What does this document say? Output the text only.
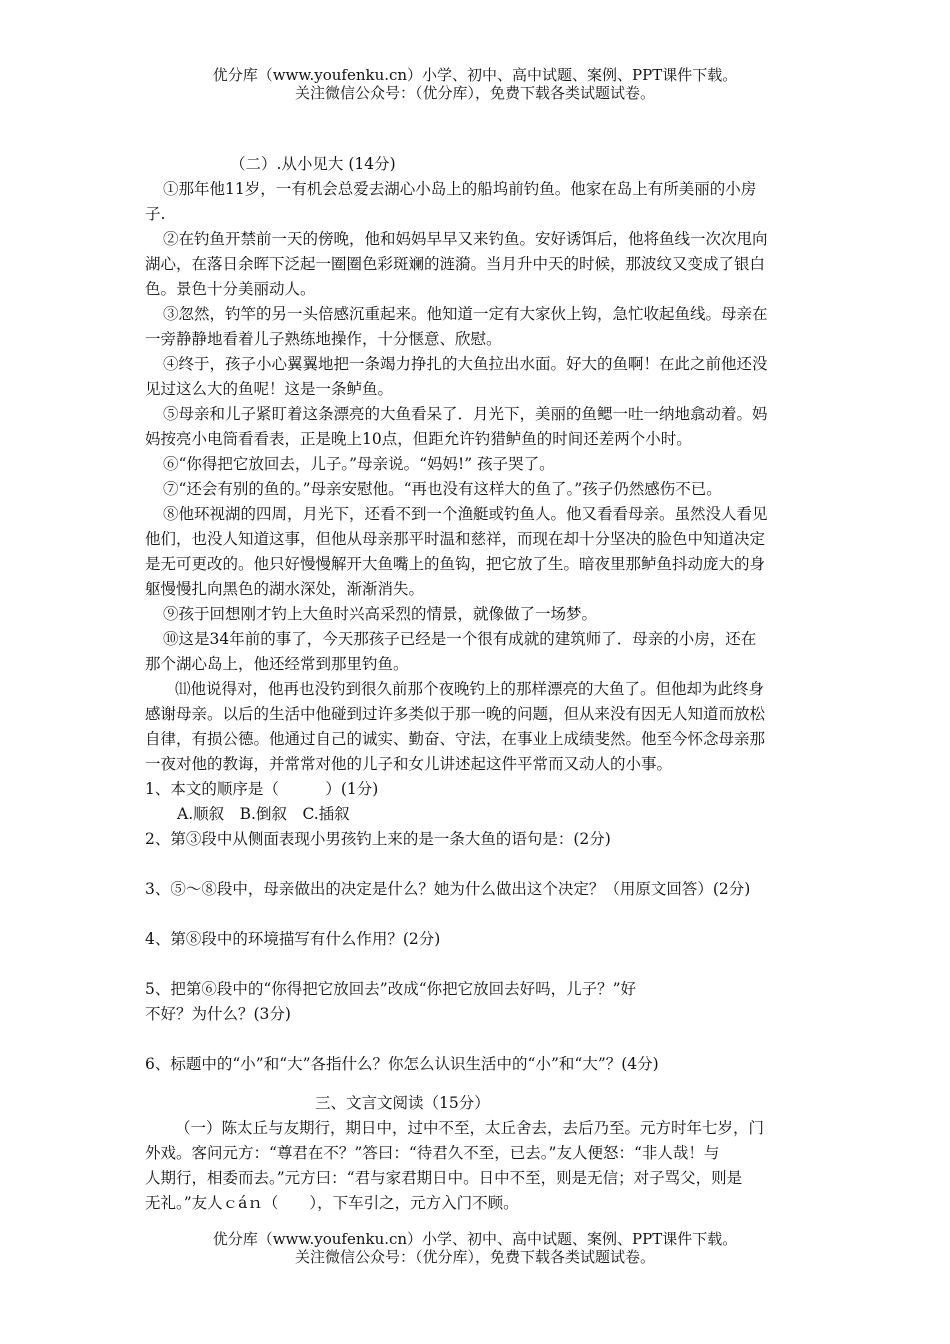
优分库（www.youfenku.cn）小学、初中、高中试题、案例、PPT课件下载。
关注微信公众号：（优分库），免费下载各类试题试卷。
（二）.从小见大 (14分)
①那年他11岁，一有机会总爱去湖心小岛上的船坞前钓鱼。他家在岛上有所美丽的小房
子.
②在钓鱼开禁前一天的傍晚，他和妈妈早早又来钓鱼。安好诱饵后，他将鱼线一次次甩向
湖心，在落日余晖下泛起一圈圈色彩斑斓的涟漪。当月升中天的时候，那波纹又变成了银白
色。景色十分美丽动人。
③忽然，钓竿的另一头倍感沉重起来。他知道一定有大家伙上钩，急忙收起鱼线。母亲在
一旁静静地看着儿子熟练地操作，十分惬意、欣慰。
④终于，孩子小心翼翼地把一条竭力挣扎的大鱼拉出水面。好大的鱼啊！在此之前他还没
见过这么大的鱼呢！这是一条鲈鱼。
⑤母亲和儿子紧盯着这条漂亮的大鱼看呆了．月光下，美丽的鱼鳃一吐一纳地翕动着。妈
妈按亮小电筒看看表，正是晚上10点，但距允许钓猎鲈鱼的时间还差两个小时。
⑥“你得把它放回去，儿子。”母亲说。“妈妈!” 孩子哭了。
⑦“还会有别的鱼的。”母亲安慰他。“再也没有这样大的鱼了。”孩子仍然感伤不已。
⑧他环视湖的四周，月光下，还看不到一个渔艇或钓鱼人。他又看看母亲。虽然没人看见
他们，也没人知道这事，但他从母亲那平时温和慈祥，而现在却十分坚决的脸色中知道决定
是无可更改的。他只好慢慢解开大鱼嘴上的鱼钩，把它放了生。暗夜里那鲈鱼抖动庞大的身
躯慢慢扎向黑色的湖水深处，渐渐消失。
⑨孩于回想刚才钓上大鱼时兴高采烈的情景，就像做了一场梦。
⑩这是34年前的事了，今天那孩子已经是一个很有成就的建筑师了．母亲的小房，还在
那个湖心岛上，他还经常到那里钓鱼。
⑾他说得对，他再也没钓到很久前那个夜晚钓上的那样漂亮的大鱼了。但他却为此终身
感谢母亲。以后的生活中他碰到过许多类似于那一晚的问题，但从来没有因无人知道而放松
自律，有损公德。他通过自己的诚实、勤奋、守法，在事业上成绩斐然。他至今怀念母亲那
一夜对他的教诲，并常常对他的儿子和女儿讲述起这件平常而又动人的小事。
1、本文的顺序是（　　　）(1分)
A.顺叙　B.倒叙　C.插叙
2、第③段中从侧面表现小男孩钓上来的是一条大鱼的语句是：(2分)
3、⑤～⑧段中，母亲做出的决定是什么？她为什么做出这个决定？（用原文回答）(2分)
4、第⑧段中的环境描写有什么作用？(2分)
5、把第⑥段中的“你得把它放回去”改成“你把它放回去好吗，儿子？”好
不好？为什么？(3分)
6、标题中的“小”和“大”各指什么？你怎么认识生活中的“小”和“大”？(4分)
三、文言文阅读（15分）
（一）陈太丘与友期行，期日中，过中不至，太丘舍去，去后乃至。元方时年七岁，门
外戏。客问元方：“尊君在不？”答曰：“待君久不至，已去。”友人便怒：“非人哉！与
人期行，相委而去。”元方曰：“君与家君期日中。日中不至，则是无信；对子骂父，则是
无礼。”友人ｃáｎ（　　），下车引之，元方入门不顾。
优分库（www.youfenku.cn）小学、初中、高中试题、案例、PPT课件下载。
关注微信公众号：（优分库），免费下载各类试题试卷。
